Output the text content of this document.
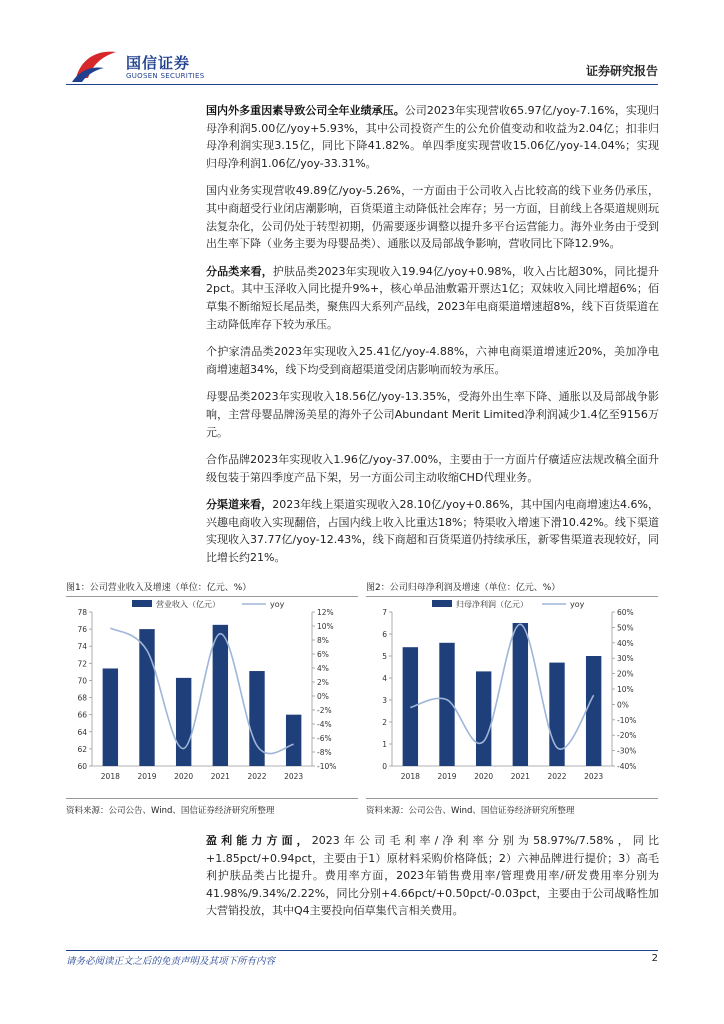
国信证券
GUOSEN SECURITIES	证券研究报告

国内外多重因素导致公司全年业绩承压。公司2023年实现营收65.97亿/yoy-7.16%，实现归母净利润5.00亿/yoy+5.93%，其中公司投资产生的公允价值变动和收益为2.04亿；扣非归母净利润实现3.15亿，同比下降41.82%。单四季度实现营收15.06亿/yoy-14.04%；实现归母净利润1.06亿/yoy-33.31%。

国内业务实现营收49.89亿/yoy-5.26%，一方面由于公司收入占比较高的线下业务仍承压，其中商超受行业闭店潮影响，百货渠道主动降低社会库存；另一方面，目前线上各渠道规则玩法复杂化，公司仍处于转型初期，仍需要逐步调整以提升多平台运营能力。海外业务由于受到出生率下降（业务主要为母婴品类）、通胀以及局部战争影响，营收同比下降12.9%。

分品类来看，护肤品类2023年实现收入19.94亿/yoy+0.98%，收入占比超30%，同比提升2pct。其中玉泽收入同比提升9%+，核心单品油敷霜开票达1亿；双妹收入同比增超6%；佰草集不断缩短长尾品类，聚焦四大系列产品线，2023年电商渠道增速超8%，线下百货渠道在主动降低库存下较为承压。

个护家清品类2023年实现收入25.41亿/yoy-4.88%，六神电商渠道增速近20%，美加净电商增速超34%，线下均受到商超渠道受闭店影响而较为承压。

母婴品类2023年实现收入18.56亿/yoy-13.35%，受海外出生率下降、通胀以及局部战争影响，主营母婴品牌汤美星的海外子公司Abundant Merit Limited净利润减少1.4亿至9156万元。

合作品牌2023年实现收入1.96亿/yoy-37.00%，主要由于一方面片仔癀适应法规改稿全面升级包装于第四季度产品下架，另一方面公司主动收缩CHD代理业务。

分渠道来看，2023年线上渠道实现收入28.10亿/yoy+0.86%，其中国内电商增速达4.6%，兴趣电商收入实现翻倍，占国内线上收入比重达18%；特渠收入增速下滑10.42%。线下渠道实现收入37.77亿/yoy-12.43%，线下商超和百货渠道仍持续承压，新零售渠道表现较好，同比增长约21%。

图1：公司营业收入及增速（单位：亿元、%）
营业收入（亿元）	yoy
60
62
64
66
68
70
72
74
76
78
-10%
-8%
-6%
-4%
-2%
0%
2%
4%
6%
8%
10%
12%
2018 2019 2020 2021 2022 2023
资料来源：公司公告、Wind、国信证券经济研究所整理
图2：公司归母净利润及增速（单位：亿元、%）
归母净利润（亿元）	yoy
0
1
2
3
4
5
6
7
-40%
-30%
-20%
-10%
0%
10%
20%
30%
40%
50%
60%
2018 2019 2020 2021 2022 2023
资料来源：公司公告、Wind、国信证券经济研究所整理

盈利能力方面，2023年公司毛利率/净利率分别为58.97%/7.58%，同比+1.85pct/+0.94pct，主要由于1）原材料采购价格降低；2）六神品牌进行提价；3）高毛利护肤品类占比提升。费用率方面，2023年销售费用率/管理费用率/研发费用率分别为41.98%/9.34%/2.22%，同比分别+4.66pct/+0.50pct/-0.03pct，主要由于公司战略性加大营销投放，其中Q4主要投向佰草集代言相关费用。

请务必阅读正文之后的免责声明及其项下所有内容	2
